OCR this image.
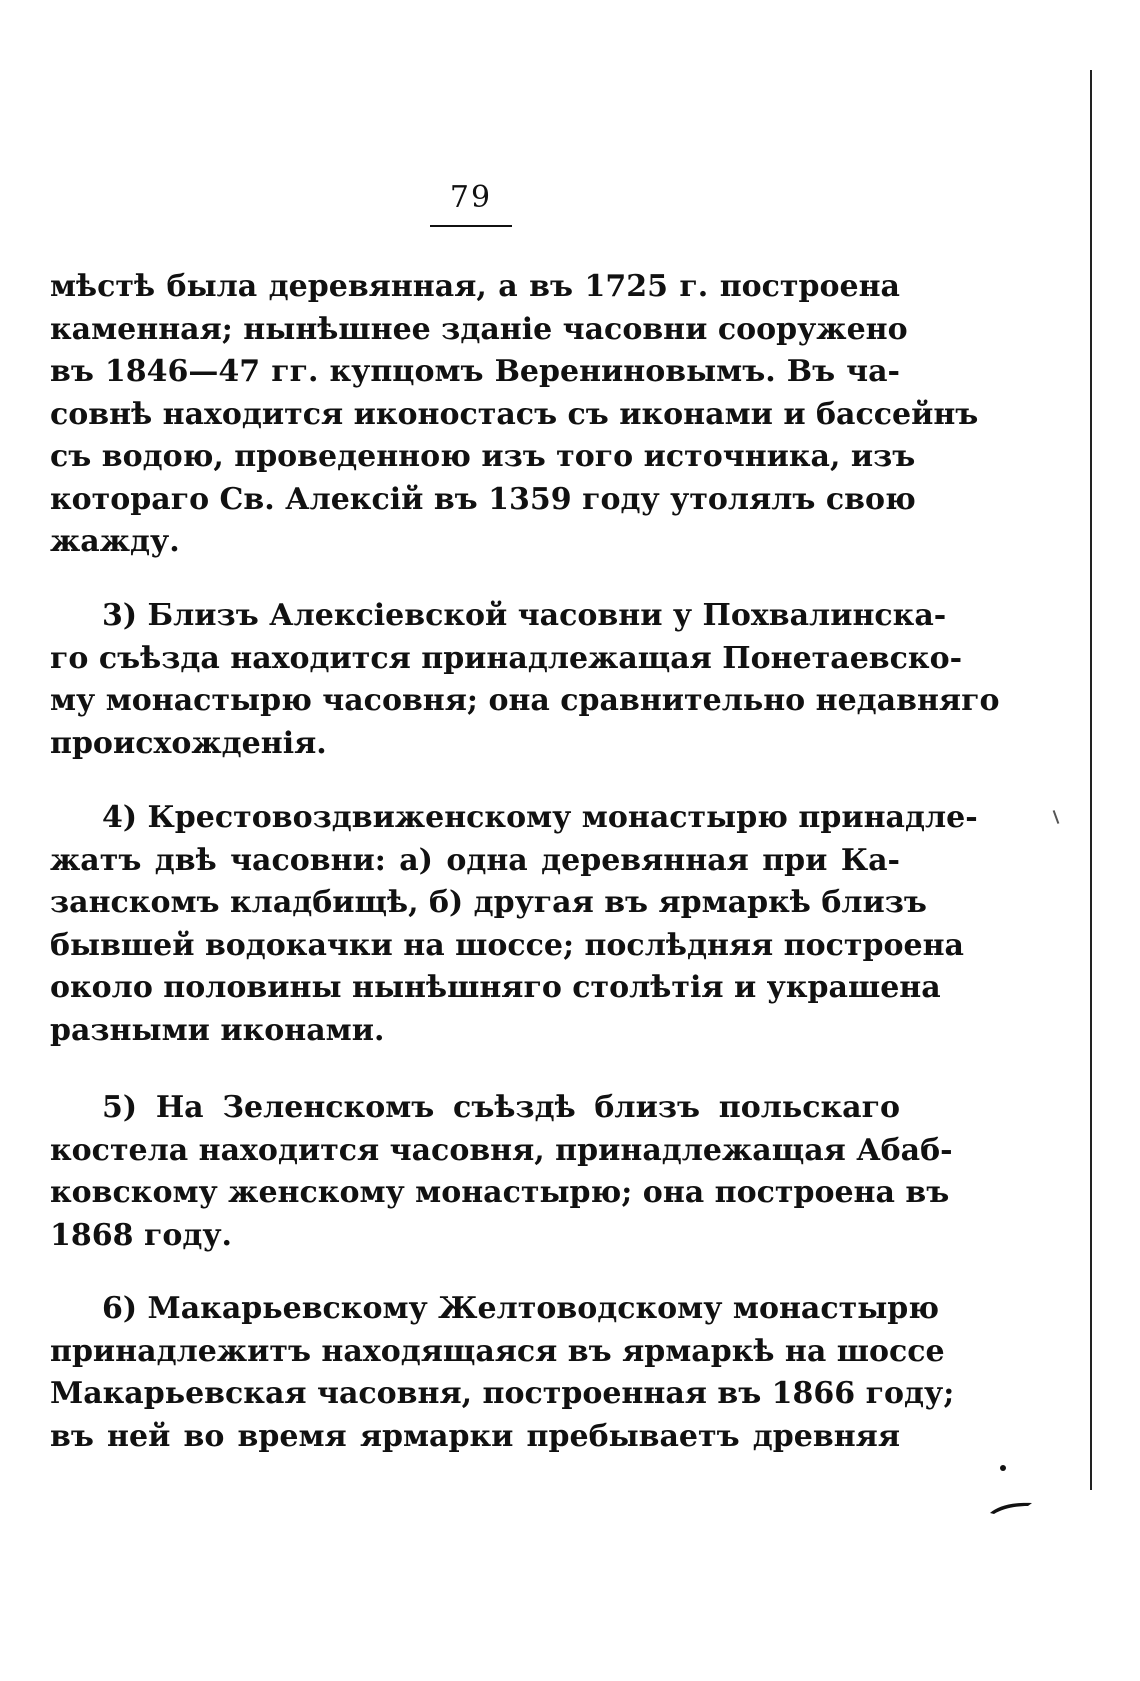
79
мѣстѣ была деревянная, а въ 1725 г. построена
каменная; нынѣшнее зданіе часовни сооружено
въ 1846—47 гг. купцомъ Верениновымъ. Въ ча-
совнѣ находится иконостасъ съ иконами и бассейнъ
съ водою, проведенною изъ того источника, изъ
котораго Св. Алексій въ 1359 году утолялъ свою
жажду.
3) Близъ Алексіевской часовни у Похвалинска-
го съѣзда находится принадлежащая Понетаевско-
му монастырю часовня; она сравнительно недавняго
происхожденія.
4) Крестовоздвиженскому монастырю принадле-
жатъ двѣ часовни: а) одна деревянная при Ка-
занскомъ кладбищѣ, б) другая въ ярмаркѣ близъ
бывшей водокачки на шоссе; послѣдняя построена
около половины нынѣшняго столѣтія и украшена
разными иконами.
5) На Зеленскомъ съѣздѣ близъ польскаго
костела находится часовня, принадлежащая Абаб-
ковскому женскому монастырю; она построена въ
1868 году.
6) Макарьевскому Желтоводскому монастырю
принадлежитъ находящаяся въ ярмаркѣ на шоссе
Макарьевская часовня, построенная въ 1866 году;
въ ней во время ярмарки пребываетъ древняя
